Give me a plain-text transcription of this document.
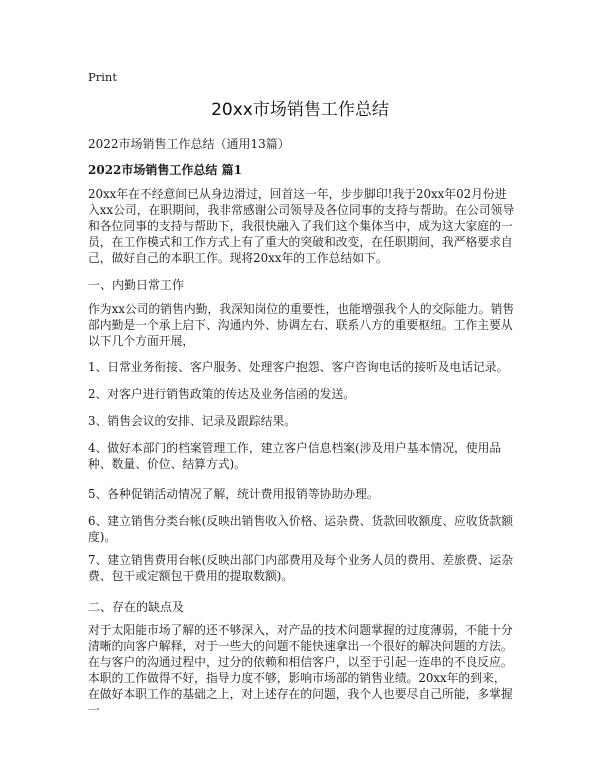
Print
20xx市场销售工作总结
2022市场销售工作总结（通用13篇）
2022市场销售工作总结 篇1
20xx年在不经意间已从身边滑过，回首这一年，步步脚印!我于20xx年02月份进入xx公司，在职期间，我非常感谢公司领导及各位同事的支持与帮助。在公司领导和各位同事的支持与帮助下，我很快融入了我们这个集体当中，成为这大家庭的一员，在工作模式和工作方式上有了重大的突破和改变，在任职期间，我严格要求自己，做好自己的本职工作。现将20xx年的工作总结如下。
一、内勤日常工作
作为xx公司的销售内勤，我深知岗位的重要性，也能增强我个人的交际能力。销售部内勤是一个承上启下、沟通内外、协调左右、联系八方的重要枢纽。工作主要从以下几个方面开展，
1、日常业务衔接、客户服务、处理客户抱怨、客户咨询电话的接听及电话记录。
2、对客户进行销售政策的传达及业务信函的发送。
3、销售会议的安排、记录及跟踪结果。
4、做好本部门的档案管理工作，建立客户信息档案(涉及用户基本情况，使用品种、数量、价位、结算方式)。
5、各种促销活动情况了解，统计费用报销等协助办理。
6、建立销售分类台帐(反映出销售收入价格、运杂费、货款回收额度、应收货款额度)。
7、建立销售费用台帐(反映出部门内部费用及每个业务人员的费用、差旅费、运杂费、包干或定额包干费用的提取数额)。
二、存在的缺点及
对于太阳能市场了解的还不够深入，对产品的技术问题掌握的过度薄弱，不能十分清晰的向客户解释，对于一些大的问题不能快速拿出一个很好的解决问题的方法。在与客户的沟通过程中，过分的依赖和相信客户，以至于引起一连串的不良反应。本职的工作做得不好，指导力度不够，影响市场部的销售业绩。20xx年的到来，在做好本职工作的基础之上，对上述存在的问题，我个人也要尽自己所能，多掌握一
